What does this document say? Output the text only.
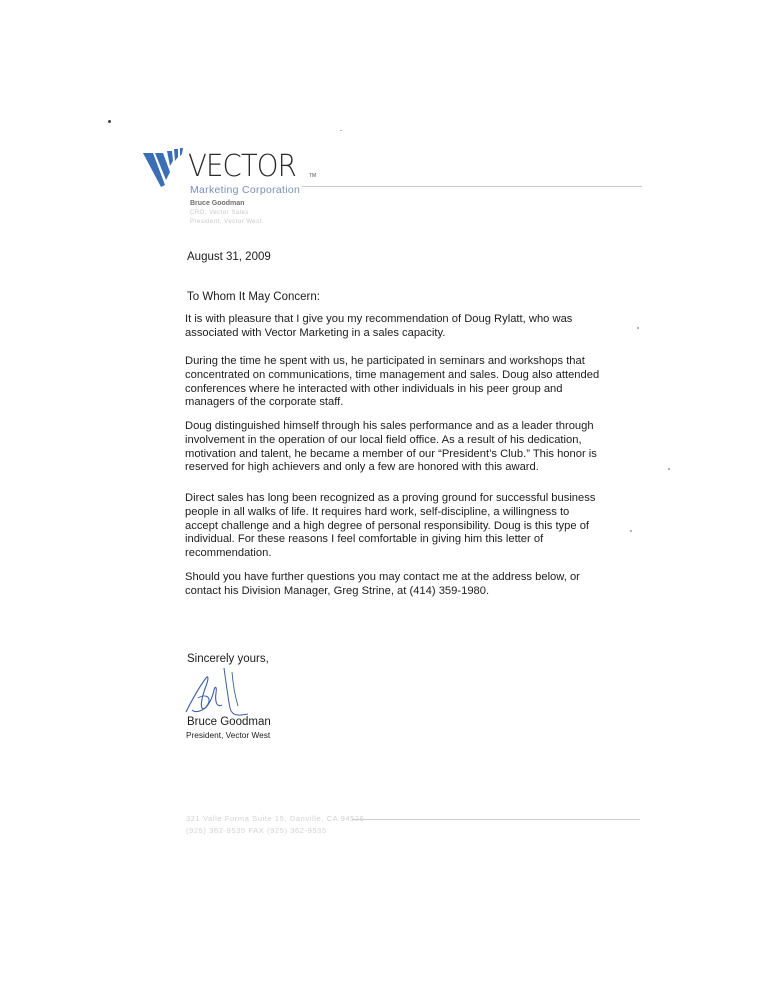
VECTOR	TM
Marketing Corporation
Bruce Goodman
CRO, Vector Sales
President, Vector West
August 31, 2009
To Whom It May Concern:

It is with pleasure that I give you my recommendation of Doug Rylatt, who was associated with Vector Marketing in a sales capacity.

During the time he spent with us, he participated in seminars and workshops that concentrated on communications, time management and sales. Doug also attended conferences where he interacted with other individuals in his peer group and managers of the corporate staff.

Doug distinguished himself through his sales performance and as a leader through involvement in the operation of our local field office. As a result of his dedication, motivation and talent, he became a member of our “President’s Club.” This honor is reserved for high achievers and only a few are honored with this award.

Direct sales has long been recognized as a proving ground for successful business people in all walks of life. It requires hard work, self-discipline, a willingness to accept challenge and a high degree of personal responsibility. Doug is this type of individual. For these reasons I feel comfortable in giving him this letter of recommendation.

Should you have further questions you may contact me at the address below, or contact his Division Manager, Greg Strine, at (414) 359-1980.

Sincerely yours,
Bruce Goodman
President, Vector West
321 Valle Forma Suite 15, Danville, CA 94526
(925) 362-9535 FAX (925) 362-9535
